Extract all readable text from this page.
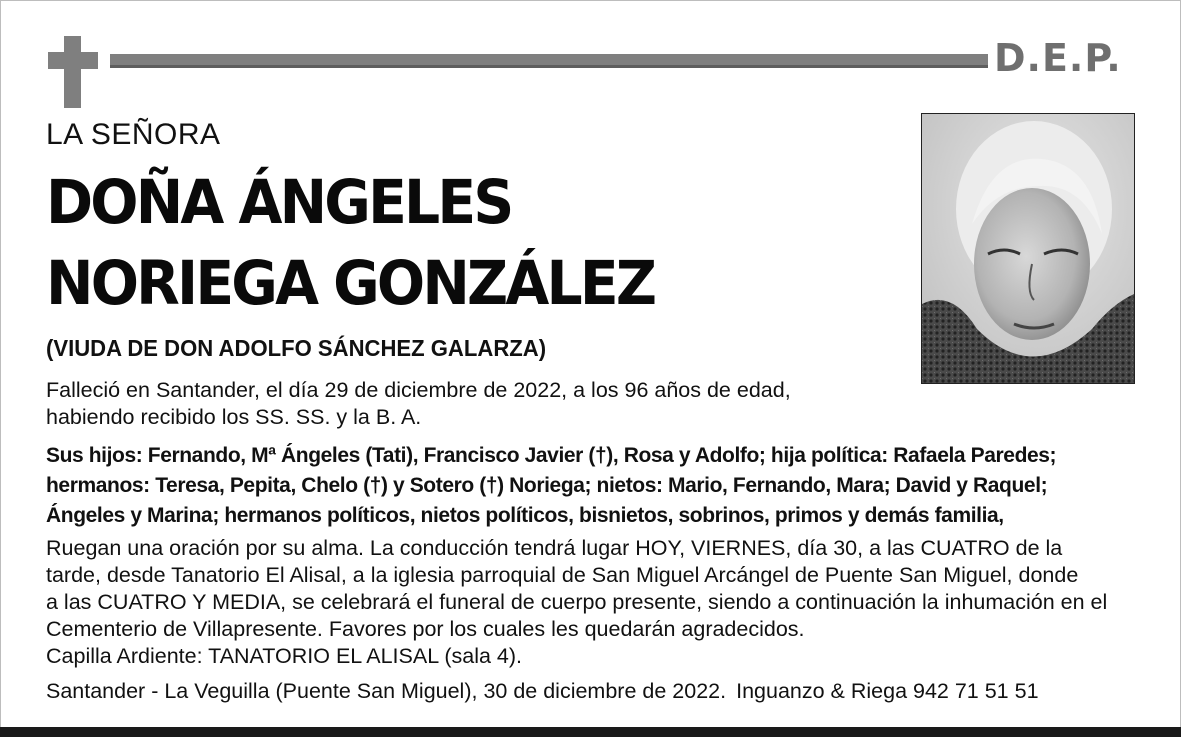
D.E.P.
LA SEÑORA
DOÑA ÁNGELES
NORIEGA GONZÁLEZ
(VIUDA DE DON ADOLFO SÁNCHEZ GALARZA)
Falleció en Santander, el día 29 de diciembre de 2022, a los 96 años de edad,
habiendo recibido los SS. SS. y la B. A.
Sus hijos: Fernando, Mª Ángeles (Tati), Francisco Javier (†), Rosa y Adolfo; hija política: Rafaela Paredes;
hermanos: Teresa, Pepita, Chelo (†) y Sotero (†) Noriega; nietos: Mario, Fernando, Mara; David y Raquel;
Ángeles y Marina; hermanos políticos, nietos políticos, bisnietos, sobrinos, primos y demás familia,
Ruegan una oración por su alma. La conducción tendrá lugar HOY, VIERNES, día 30, a las CUATRO de la
tarde, desde Tanatorio El Alisal, a la iglesia parroquial de San Miguel Arcángel de Puente San Miguel, donde
a las CUATRO Y MEDIA, se celebrará el funeral de cuerpo presente, siendo a continuación la inhumación en el
Cementerio de Villapresente. Favores por los cuales les quedarán agradecidos.
Capilla Ardiente: TANATORIO EL ALISAL (sala 4).
Santander - La Veguilla (Puente San Miguel), 30 de diciembre de 2022. Inguanzo & Riega 942 71 51 51
